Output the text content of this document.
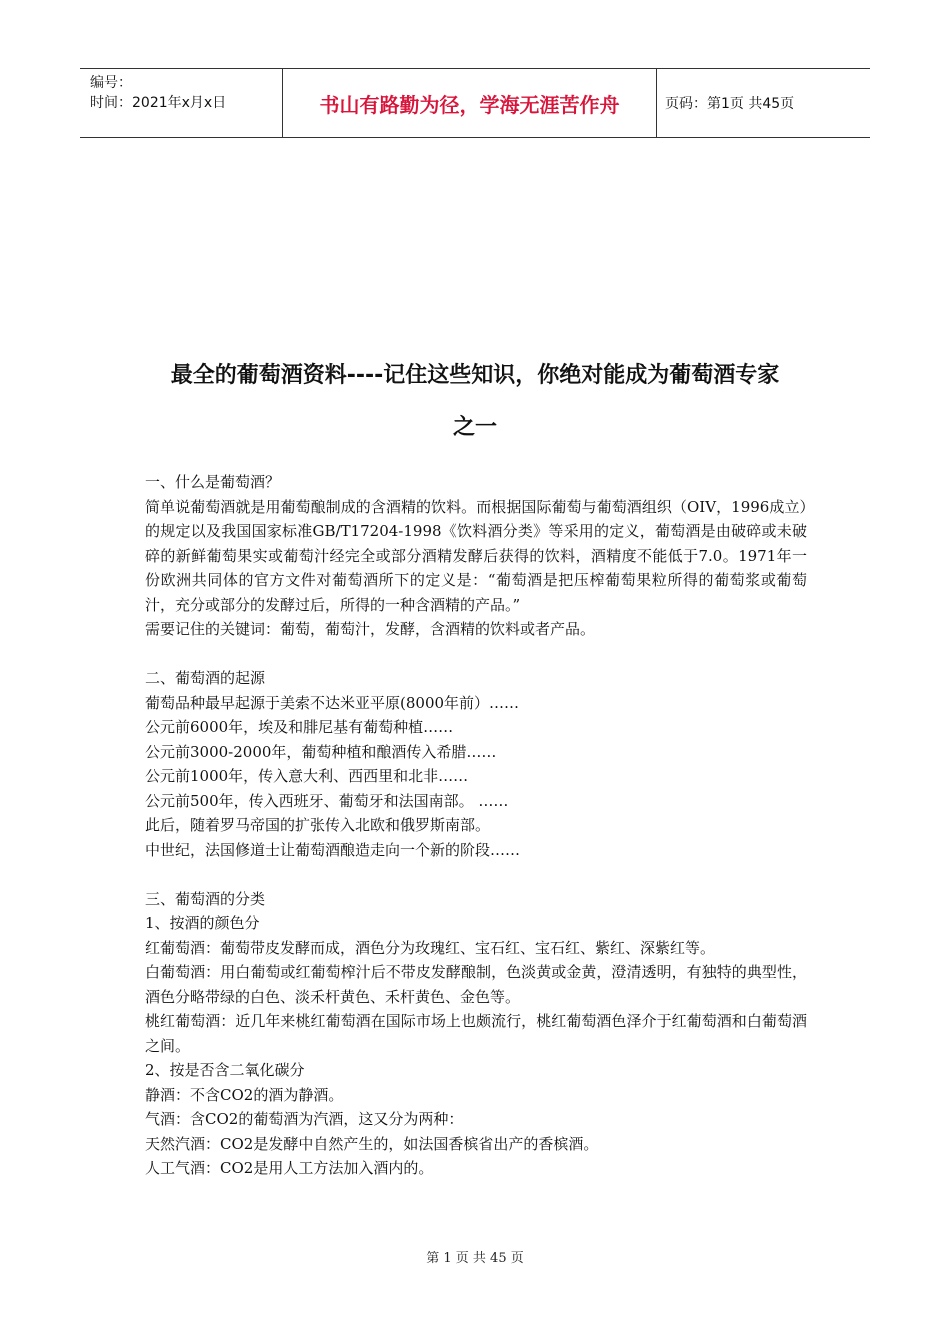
编号：
时间：2021年x月x日	书山有路勤为径，学海无涯苦作舟	页码：第1页 共45页
最全的葡萄酒资料----记住这些知识，你绝对能成为葡萄酒专家
之一

一、什么是葡萄酒？

简单说葡萄酒就是用葡萄酿制成的含酒精的饮料。而根据国际葡萄与葡萄酒组织（OIV，1996成立）的规定以及我国国家标准GB/T17204-1998《饮料酒分类》等采用的定义，葡萄酒是由破碎或未破碎的新鲜葡萄果实或葡萄汁经完全或部分酒精发酵后获得的饮料，酒精度不能低于7.0。1971年一份欧洲共同体的官方文件对葡萄酒所下的定义是：“葡萄酒是把压榨葡萄果粒所得的葡萄浆或葡萄汁，充分或部分的发酵过后，所得的一种含酒精的产品。”

需要记住的关键词：葡萄，葡萄汁，发酵，含酒精的饮料或者产品。

二、葡萄酒的起源

葡萄品种最早起源于美索不达米亚平原(8000年前）……

公元前6000年，埃及和腓尼基有葡萄种植……

公元前3000-2000年，葡萄种植和酿酒传入希腊……

公元前1000年，传入意大利、西西里和北非……

公元前500年，传入西班牙、葡萄牙和法国南部。 ……

此后，随着罗马帝国的扩张传入北欧和俄罗斯南部。

中世纪，法国修道士让葡萄酒酿造走向一个新的阶段……

三、葡萄酒的分类

1、按酒的颜色分

红葡萄酒：葡萄带皮发酵而成，酒色分为玫瑰红、宝石红、宝石红、紫红、深紫红等。

白葡萄酒：用白葡萄或红葡萄榨汁后不带皮发酵酿制，色淡黄或金黄，澄清透明，有独特的典型性，酒色分略带绿的白色、淡禾杆黄色、禾杆黄色、金色等。

桃红葡萄酒：近几年来桃红葡萄酒在国际市场上也颇流行，桃红葡萄酒色泽介于红葡萄酒和白葡萄酒之间。

2、按是否含二氧化碳分

静酒：不含CO2的酒为静酒。

气酒：含CO2的葡萄酒为汽酒，这又分为两种：

天然汽酒：CO2是发酵中自然产生的，如法国香槟省出产的香槟酒。

人工气酒：CO2是用人工方法加入酒内的。

第 1 页 共 45 页
